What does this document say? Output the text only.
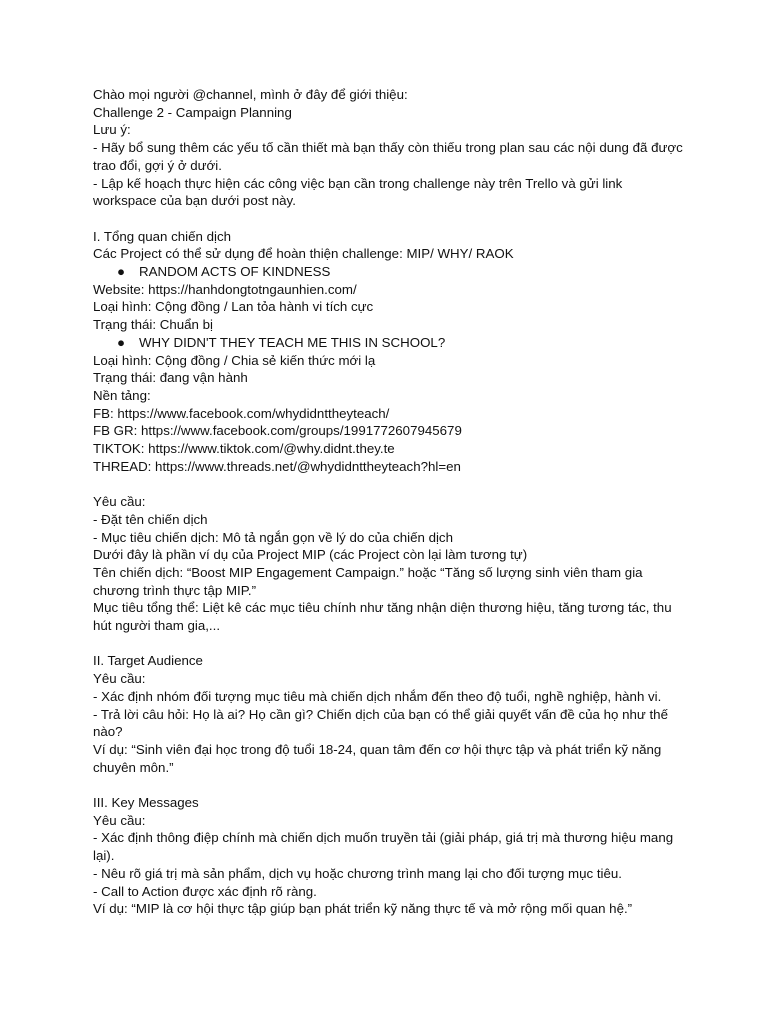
Chào mọi người @channel, mình ở đây để giới thiệu:
Challenge 2 - Campaign Planning
Lưu ý:
- Hãy bổ sung thêm các yếu tố cần thiết mà bạn thấy còn thiếu trong plan sau các nội dung đã được trao đổi, gợi ý ở dưới.
- Lập kế hoạch thực hiện các công việc bạn cần trong challenge này trên Trello và gửi link workspace của bạn dưới post này.
I. Tổng quan chiến dịch
Các Project có thể sử dụng để hoàn thiện challenge: MIP/ WHY/ RAOK
● RANDOM ACTS OF KINDNESS
Website: https://hanhdongtotngaunhien.com/
Loại hình: Cộng đồng / Lan tỏa hành vi tích cực
Trạng thái: Chuẩn bị
● WHY DIDN'T THEY TEACH ME THIS IN SCHOOL?
Loại hình: Cộng đồng / Chia sẻ kiến thức mới lạ
Trạng thái: đang vận hành
Nền tảng:
FB: https://www.facebook.com/whydidnttheyteach/
FB GR: https://www.facebook.com/groups/1991772607945679
TIKTOK: https://www.tiktok.com/@why.didnt.they.te
THREAD: https://www.threads.net/@whydidnttheyteach?hl=en
Yêu cầu:
- Đặt tên chiến dịch
- Mục tiêu chiến dịch: Mô tả ngắn gọn về lý do của chiến dịch
Dưới đây là phần ví dụ của Project MIP (các Project còn lại làm tương tự)
Tên chiến dịch: “Boost MIP Engagement Campaign.” hoặc “Tăng số lượng sinh viên tham gia chương trình thực tập MIP.”
Mục tiêu tổng thể: Liệt kê các mục tiêu chính như tăng nhận diện thương hiệu, tăng tương tác, thu hút người tham gia,...
II. Target Audience
Yêu cầu:
- Xác định nhóm đối tượng mục tiêu mà chiến dịch nhắm đến theo độ tuổi, nghề nghiệp, hành vi.
- Trả lời câu hỏi: Họ là ai? Họ cần gì? Chiến dịch của bạn có thể giải quyết vấn đề của họ như thế nào?
Ví dụ: “Sinh viên đại học trong độ tuổi 18-24, quan tâm đến cơ hội thực tập và phát triển kỹ năng chuyên môn.”
III. Key Messages
Yêu cầu:
- Xác định thông điệp chính mà chiến dịch muốn truyền tải (giải pháp, giá trị mà thương hiệu mang lại).
- Nêu rõ giá trị mà sản phẩm, dịch vụ hoặc chương trình mang lại cho đối tượng mục tiêu.
- Call to Action được xác định rõ ràng.
Ví dụ: “MIP là cơ hội thực tập giúp bạn phát triển kỹ năng thực tế và mở rộng mối quan hệ.”
